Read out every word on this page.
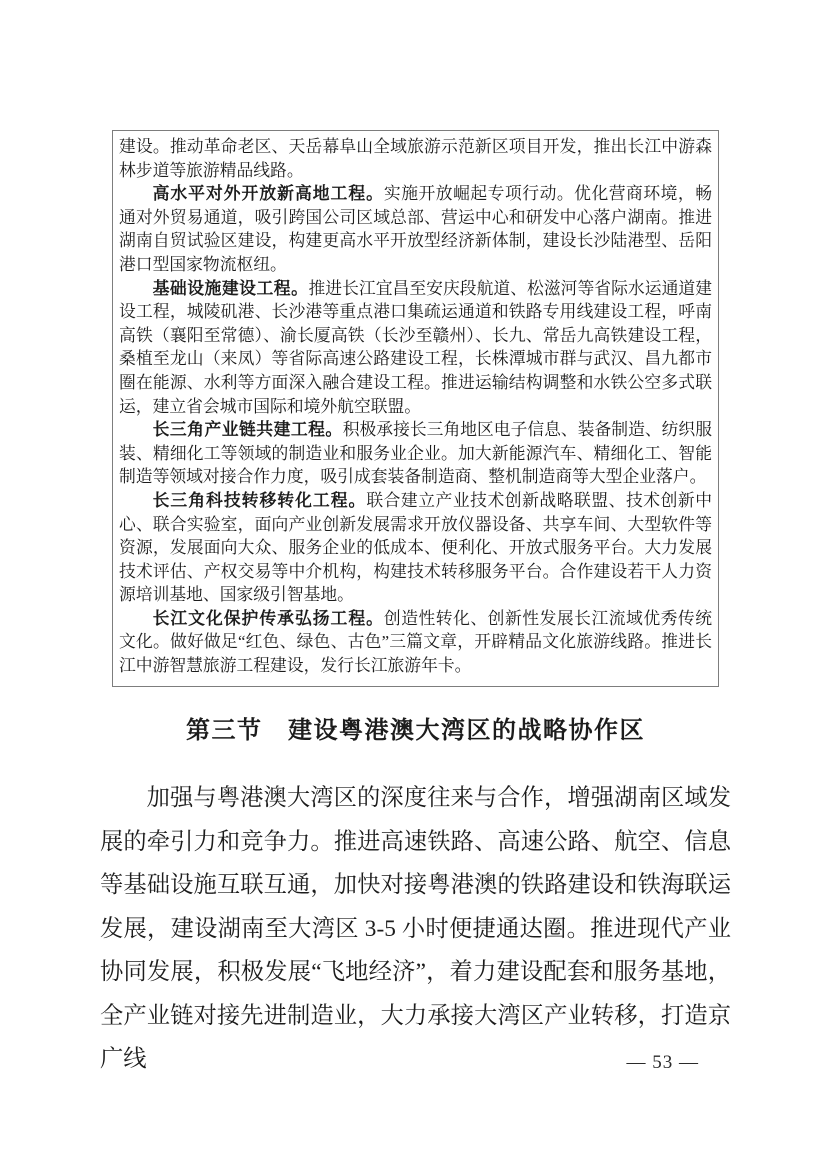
建设。推动革命老区、天岳幕阜山全域旅游示范新区项目开发，推出长江中游森林步道等旅游精品线路。

高水平对外开放新高地工程。实施开放崛起专项行动。优化营商环境，畅通对外贸易通道，吸引跨国公司区域总部、营运中心和研发中心落户湖南。推进湖南自贸试验区建设，构建更高水平开放型经济新体制，建设长沙陆港型、岳阳港口型国家物流枢纽。

基础设施建设工程。推进长江宜昌至安庆段航道、松滋河等省际水运通道建设工程，城陵矶港、长沙港等重点港口集疏运通道和铁路专用线建设工程，呼南高铁（襄阳至常德）、渝长厦高铁（长沙至赣州）、长九、常岳九高铁建设工程，桑植至龙山（来凤）等省际高速公路建设工程，长株潭城市群与武汉、昌九都市圈在能源、水利等方面深入融合建设工程。推进运输结构调整和水铁公空多式联运，建立省会城市国际和境外航空联盟。

长三角产业链共建工程。积极承接长三角地区电子信息、装备制造、纺织服装、精细化工等领域的制造业和服务业企业。加大新能源汽车、精细化工、智能制造等领域对接合作力度，吸引成套装备制造商、整机制造商等大型企业落户。

长三角科技转移转化工程。联合建立产业技术创新战略联盟、技术创新中心、联合实验室，面向产业创新发展需求开放仪器设备、共享车间、大型软件等资源，发展面向大众、服务企业的低成本、便利化、开放式服务平台。大力发展技术评估、产权交易等中介机构，构建技术转移服务平台。合作建设若干人力资源培训基地、国家级引智基地。

长江文化保护传承弘扬工程。创造性转化、创新性发展长江流域优秀传统文化。做好做足“红色、绿色、古色”三篇文章，开辟精品文化旅游线路。推进长江中游智慧旅游工程建设，发行长江旅游年卡。

第三节　建设粤港澳大湾区的战略协作区

加强与粤港澳大湾区的深度往来与合作，增强湖南区域发展的牵引力和竞争力。推进高速铁路、高速公路、航空、信息等基础设施互联互通，加快对接粤港澳的铁路建设和铁海联运发展，建设湖南至大湾区 3-5 小时便捷通达圈。推进现代产业协同发展，积极发展“飞地经济”，着力建设配套和服务基地，全产业链对接先进制造业，大力承接大湾区产业转移，打造京广线	— 53 —
